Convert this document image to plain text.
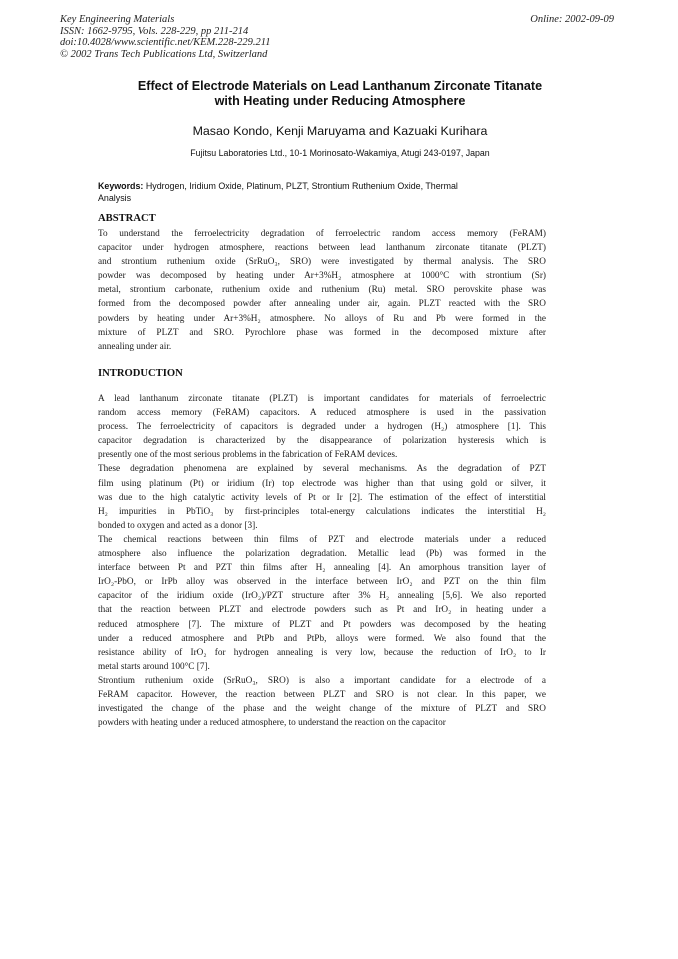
Key Engineering Materials
ISSN: 1662-9795, Vols. 228-229, pp 211-214
doi:10.4028/www.scientific.net/KEM.228-229.211
© 2002 Trans Tech Publications Ltd, Switzerland
Online: 2002-09-09
Effect of Electrode Materials on Lead Lanthanum Zirconate Titanate
with Heating under Reducing Atmosphere
Masao Kondo, Kenji Maruyama and Kazuaki Kurihara
Fujitsu Laboratories Ltd., 10-1 Morinosato-Wakamiya, Atugi 243-0197, Japan
Keywords: Hydrogen, Iridium Oxide, Platinum, PLZT, Strontium Ruthenium Oxide, Thermal
Analysis
ABSTRACT
To understand the ferroelectricity degradation of ferroelectric random access memory (FeRAM)
capacitor under hydrogen atmosphere, reactions between lead lanthanum zirconate titanate (PLZT)
and strontium ruthenium oxide (SrRuO₃, SRO) were investigated by thermal analysis. The SRO
powder was decomposed by heating under Ar+3%H₂ atmosphere at 1000°C with strontium (Sr)
metal, strontium carbonate, ruthenium oxide and ruthenium (Ru) metal. SRO perovskite phase was
formed from the decomposed powder after annealing under air, again. PLZT reacted with the SRO
powders by heating under Ar+3%H₂ atmosphere. No alloys of Ru and Pb were formed in the
mixture of PLZT and SRO. Pyrochlore phase was formed in the decomposed mixture after
annealing under air.
INTRODUCTION
A lead lanthanum zirconate titanate (PLZT) is important candidates for materials of ferroelectric
random access memory (FeRAM) capacitors. A reduced atmosphere is used in the passivation
process. The ferroelectricity of capacitors is degraded under a hydrogen (H₂) atmosphere [1]. This
capacitor degradation is characterized by the disappearance of polarization hysteresis which is
presently one of the most serious problems in the fabrication of FeRAM devices.
These degradation phenomena are explained by several mechanisms. As the degradation of PZT
film using platinum (Pt) or iridium (Ir) top electrode was higher than that using gold or silver, it
was due to the high catalytic activity levels of Pt or Ir [2]. The estimation of the effect of interstitial
H₂ impurities in PbTiO₃ by first-principles total-energy calculations indicates the interstitial H₂
bonded to oxygen and acted as a donor [3].
The chemical reactions between thin films of PZT and electrode materials under a reduced
atmosphere also influence the polarization degradation. Metallic lead (Pb) was formed in the
interface between Pt and PZT thin films after H₂ annealing [4]. An amorphous transition layer of
IrO₂-PbO, or IrPb alloy was observed in the interface between IrO₂ and PZT on the thin film
capacitor of the iridium oxide (IrO₂)/PZT structure after 3% H₂ annealing [5,6]. We also reported
that the reaction between PLZT and electrode powders such as Pt and IrO₂ in heating under a
reduced atmosphere [7]. The mixture of PLZT and Pt powders was decomposed by the heating
under a reduced atmosphere and PtPb and PtPb, alloys were formed. We also found that the
resistance ability of IrO₂ for hydrogen annealing is very low, because the reduction of IrO₂ to Ir
metal starts around 100°C [7].
Strontium ruthenium oxide (SrRuO₃, SRO) is also a important candidate for a electrode of a
FeRAM capacitor. However, the reaction between PLZT and SRO is not clear. In this paper, we
investigated the change of the phase and the weight change of the mixture of PLZT and SRO
powders with heating under a reduced atmosphere, to understand the reaction on the capacitor
